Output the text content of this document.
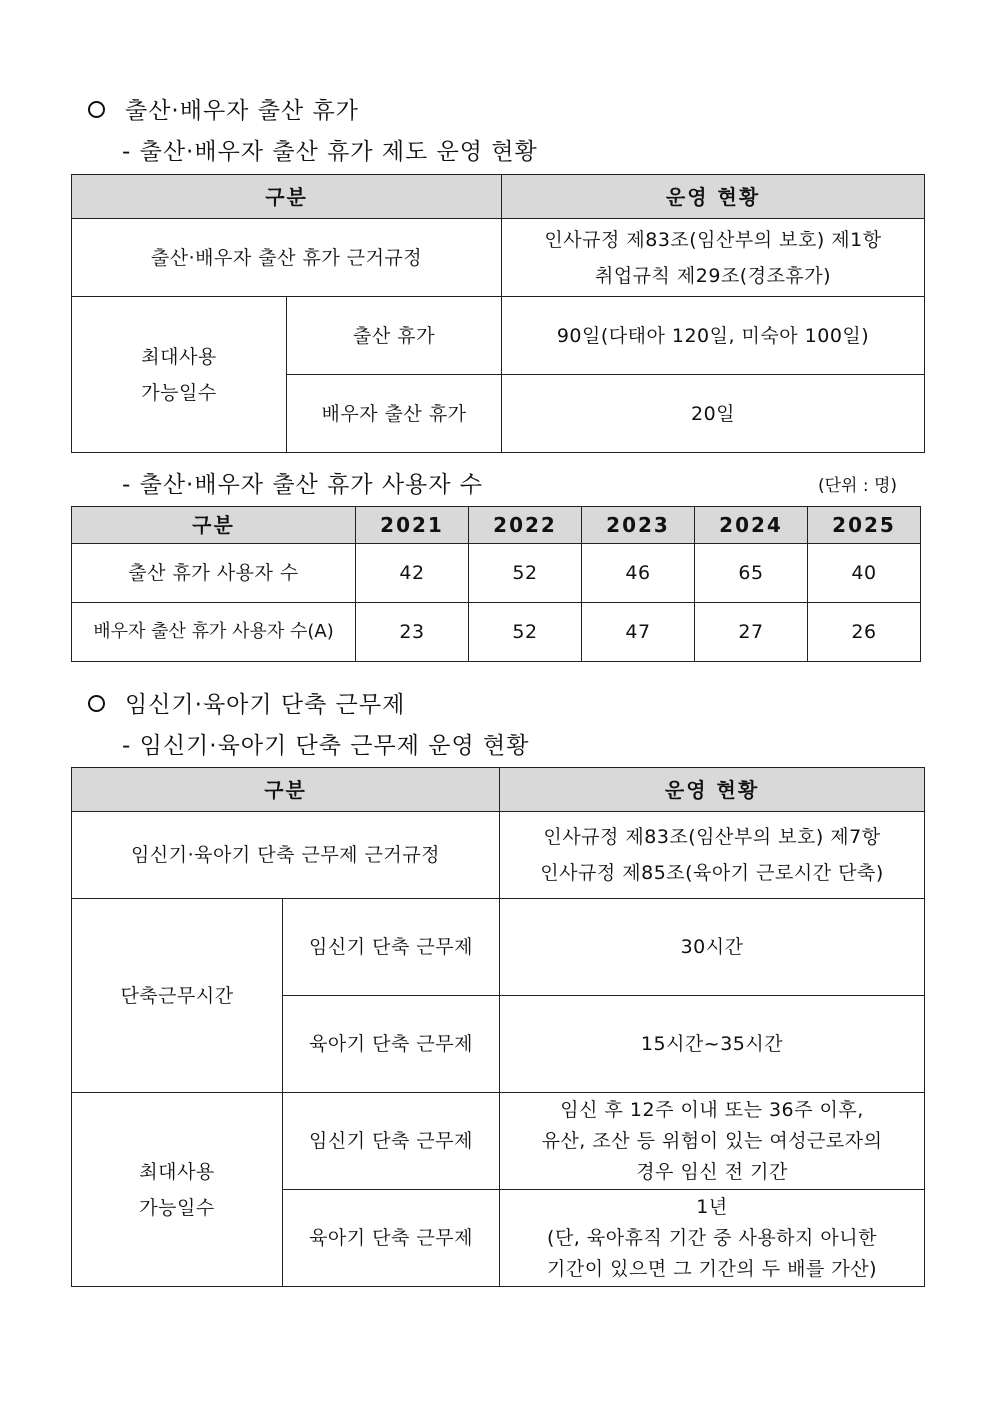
출산·배우자 출산 휴가
- 출산·배우자 출산 휴가 제도 운영 현황
구분		운영 현황
출산·배우자 출산 휴가 근거규정		인사규정 제83조(임산부의 보호) 제1항
취업규칙 제29조(경조휴가)

최대사용
가능일수	출산 휴가	90일(다태아 120일, 미숙아 100일)
	배우자 출산 휴가	20일
- 출산·배우자 출산 휴가 사용자 수	(단위 : 명)
구분	2021	2022	2023	2024	2025
출산 휴가 사용자 수	42	52	46	65	40
배우자 출산 휴가 사용자 수(A)	23	52	47	27	26
임신기·육아기 단축 근무제
- 임신기·육아기 단축 근무제 운영 현황
구분		운영 현황
임신기·육아기 단축 근무제 근거규정		인사규정 제83조(임산부의 보호) 제7항
인사규정 제85조(육아기 근로시간 단축)

단축근무시간	임신기 단축 근무제	30시간
	육아기 단축 근무제	15시간~35시간

최대사용
가능일수	임신기 단축 근무제	임신 후 12주 이내 또는 36주 이후,
유산, 조산 등 위험이 있는 여성근로자의
경우 임신 전 기간

	육아기 단축 근무제	1년
(단, 육아휴직 기간 중 사용하지 아니한
기간이 있으면 그 기간의 두 배를 가산)
